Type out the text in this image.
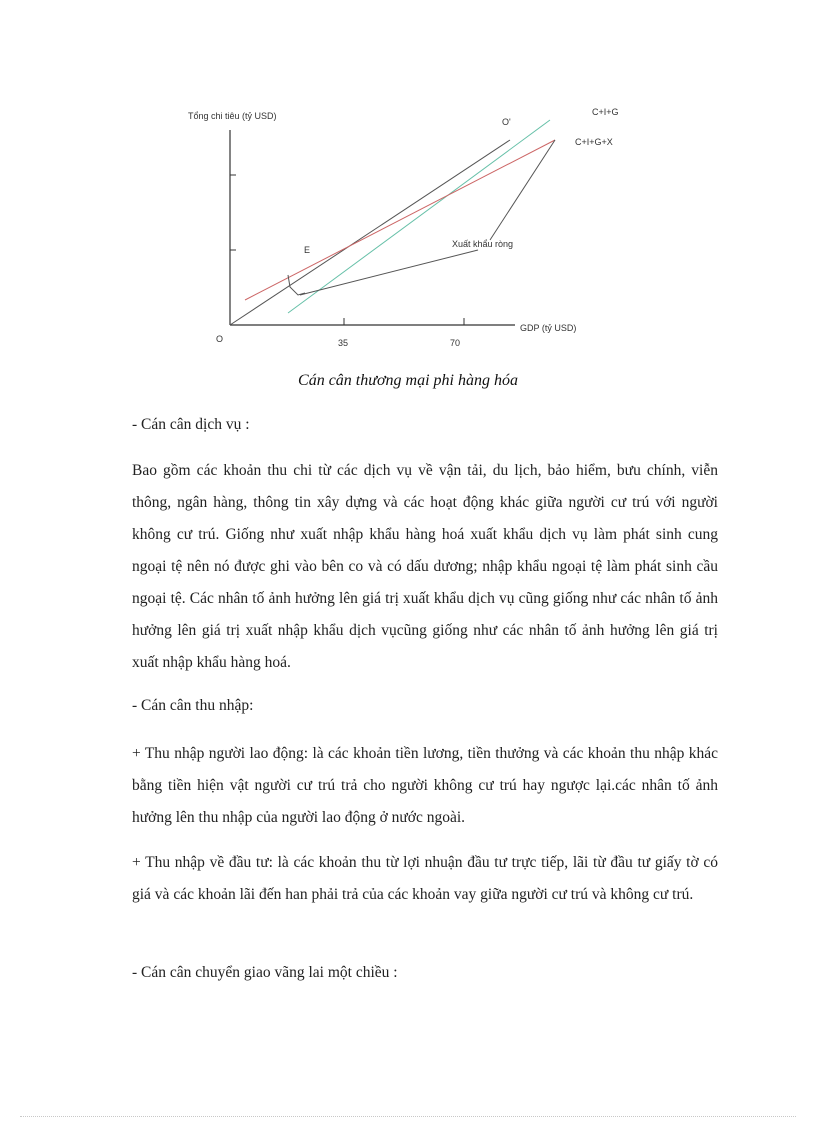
Tổng chi tiêu (tỷ USD)
GDP (tỷ USD)
O	35	70
E
O'
C+I+G
C+I+G+X
Xuất khẩu ròng
Cán cân thương mại phi hàng hóa

- Cán cân dịch vụ :

Bao gồm các khoản thu chi từ các dịch vụ về vận tải, du lịch, bảo hiểm, bưu chính, viễn thông, ngân hàng, thông tin xây dựng và các hoạt động khác giữa người cư trú với người không cư trú. Giống như xuất nhập khẩu hàng hoá xuất khẩu dịch vụ làm phát sinh cung ngoại tệ nên nó được ghi vào bên co và có dấu dương; nhập khẩu ngoại tệ làm phát sinh cầu ngoại tệ. Các nhân tố ảnh hưởng lên giá trị xuất khẩu dịch vụ cũng giống như các nhân tố ảnh hưởng lên giá trị xuất nhập khẩu dịch vụcũng giống như các nhân tố ảnh hưởng lên giá trị xuất nhập khẩu hàng hoá.

- Cán cân thu nhập:

+ Thu nhập người lao động: là các khoản tiền lương, tiền thưởng và các khoản thu nhập khác bằng tiền hiện vật người cư trú trả cho người không cư trú hay ngược lại.các nhân tố ảnh hưởng lên thu nhập của người lao động ở nước ngoài.

+ Thu nhập về đầu tư: là các khoản thu từ lợi nhuận đầu tư trực tiếp, lãi từ đầu tư giấy tờ có giá và các khoản lãi đến han phải trả của các khoản vay giữa người cư trú và không cư trú.

- Cán cân chuyển giao vãng lai một chiều :
